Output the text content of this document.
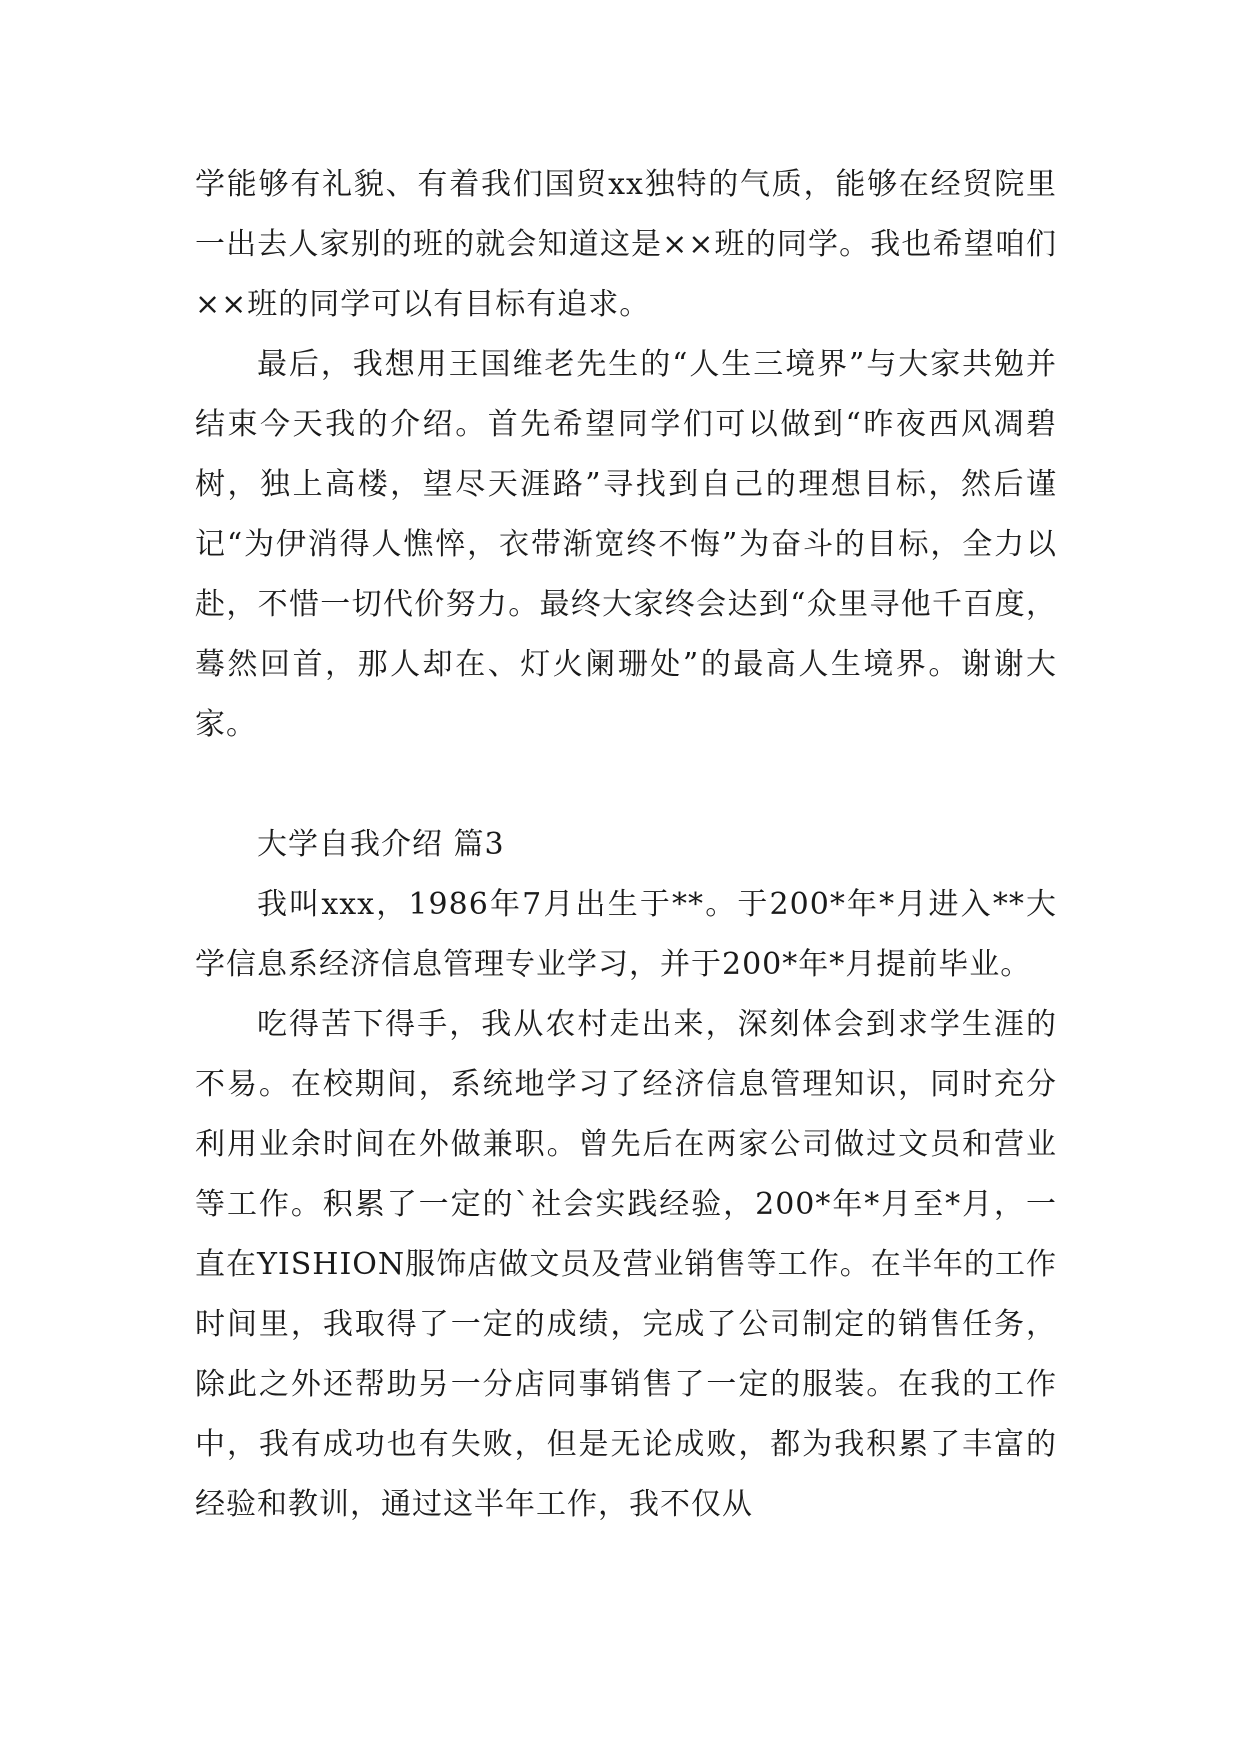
学能够有礼貌、有着我们国贸xx独特的气质，能够在经贸院里一出去人家别的班的就会知道这是××班的同学。我也希望咱们××班的同学可以有目标有追求。

最后，我想用王国维老先生的“人生三境界”与大家共勉并结束今天我的介绍。首先希望同学们可以做到“昨夜西风凋碧树，独上高楼，望尽天涯路”寻找到自己的理想目标，然后谨记“为伊消得人憔悴，衣带渐宽终不悔”为奋斗的目标，全力以赴，不惜一切代价努力。最终大家终会达到“众里寻他千百度，蓦然回首，那人却在、灯火阑珊处”的最高人生境界。谢谢大家。

大学自我介绍 篇3

我叫xxx，1986年7月出生于**。于200*年*月进入**大学信息系经济信息管理专业学习，并于200*年*月提前毕业。

吃得苦下得手，我从农村走出来，深刻体会到求学生涯的不易。在校期间，系统地学习了经济信息管理知识，同时充分利用业余时间在外做兼职。曾先后在两家公司做过文员和营业等工作。积累了一定的`社会实践经验，200*年*月至*月，一直在YISHION服饰店做文员及营业销售等工作。在半年的工作时间里，我取得了一定的成绩，完成了公司制定的销售任务，除此之外还帮助另一分店同事销售了一定的服装。在我的工作中，我有成功也有失败，但是无论成败，都为我积累了丰富的经验和教训，通过这半年工作，我不仅从
